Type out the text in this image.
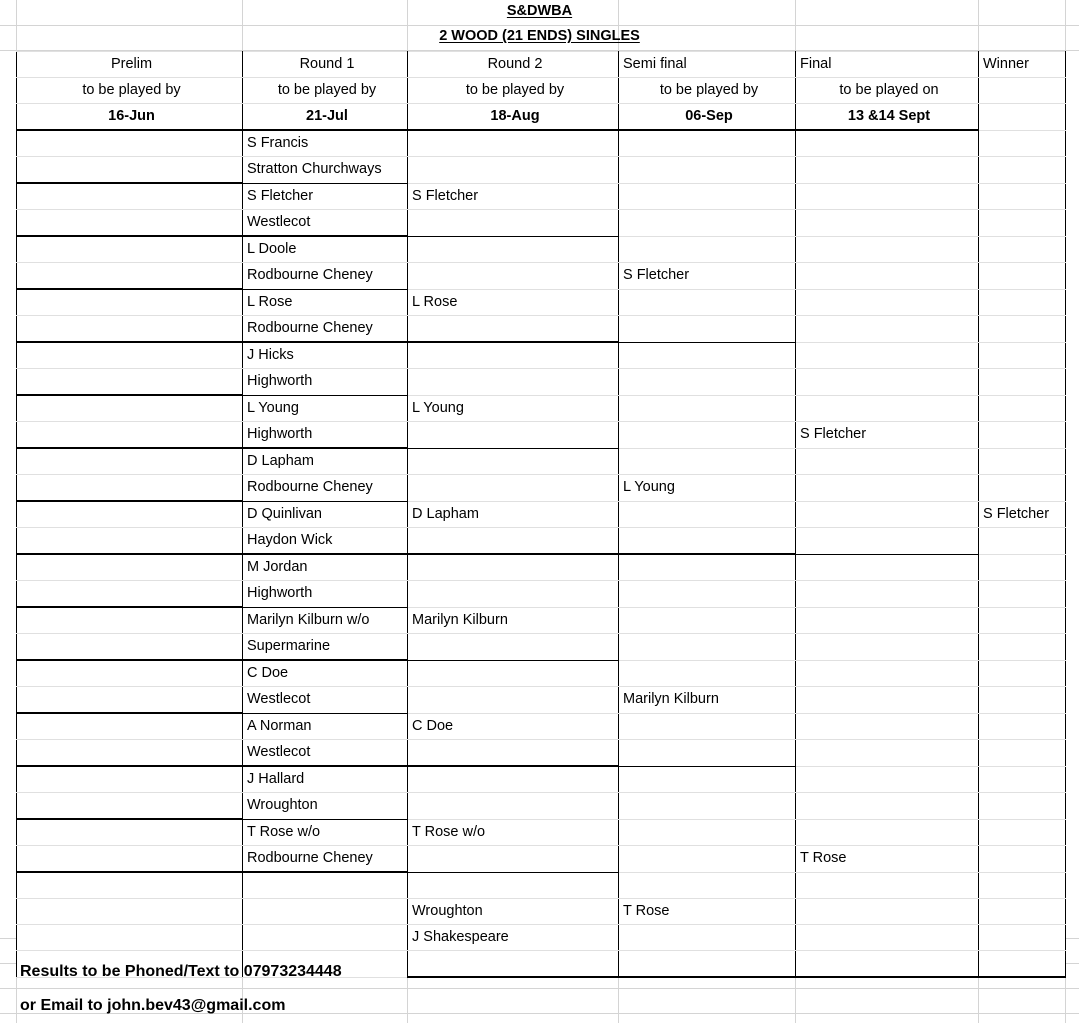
S&DWBA
2 WOOD (21 ENDS) SINGLES
Prelim	Round 1	Round 2	Semi final	Final	Winner
to be played by	to be played by	to be played by	to be played by	to be played on	
16-Jun	21-Jul	18-Aug	06-Sep	13 &14 Sept	
	S Francis				
	Stratton Churchways				
	S Fletcher	S Fletcher			
	Westlecot				
	L Doole				
	Rodbourne Cheney		S Fletcher		
	L Rose	L Rose			
	Rodbourne Cheney				
	J Hicks				
	Highworth				
	L Young	L Young			
	Highworth			S Fletcher	
	D Lapham				
	Rodbourne Cheney		L Young		
	D Quinlivan	D Lapham			S Fletcher
	Haydon Wick				
	M Jordan				
	Highworth				
	Marilyn Kilburn w/o	Marilyn Kilburn			
	Supermarine				
	C Doe				
	Westlecot		Marilyn Kilburn		
	A Norman	C Doe			
	Westlecot				
	J Hallard				
	Wroughton				
	T Rose w/o	T Rose w/o			
	Rodbourne Cheney			T Rose	

		Wroughton	T Rose		
		J Shakespeare			

Results to be Phoned/Text to 07973234448
or Email to john.bev43@gmail.com
